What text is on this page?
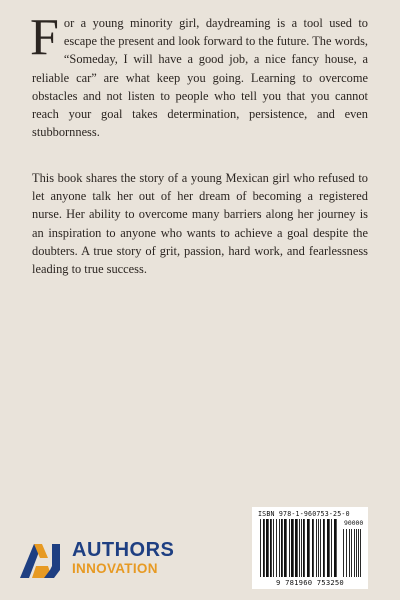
For a young minority girl, daydreaming is a tool used to escape the present and look forward to the future. The words, “Someday, I will have a good job, a nice fancy house, a reliable car” are what keep you going. Learning to overcome obstacles and not listen to people who tell you that you cannot reach your goal takes determination, persistence, and even stubbornness.

This book shares the story of a young Mexican girl who refused to let anyone talk her out of her dream of becoming a registered nurse. Her ability to overcome many barriers along her journey is an inspiration to anyone who wants to achieve a goal despite the doubters. A true story of grit, passion, hard work, and fearlessness leading to true success.

AUTHORS
INNOVATION
ISBN 978-1-960753-25-0
90000
9 781960 753250
